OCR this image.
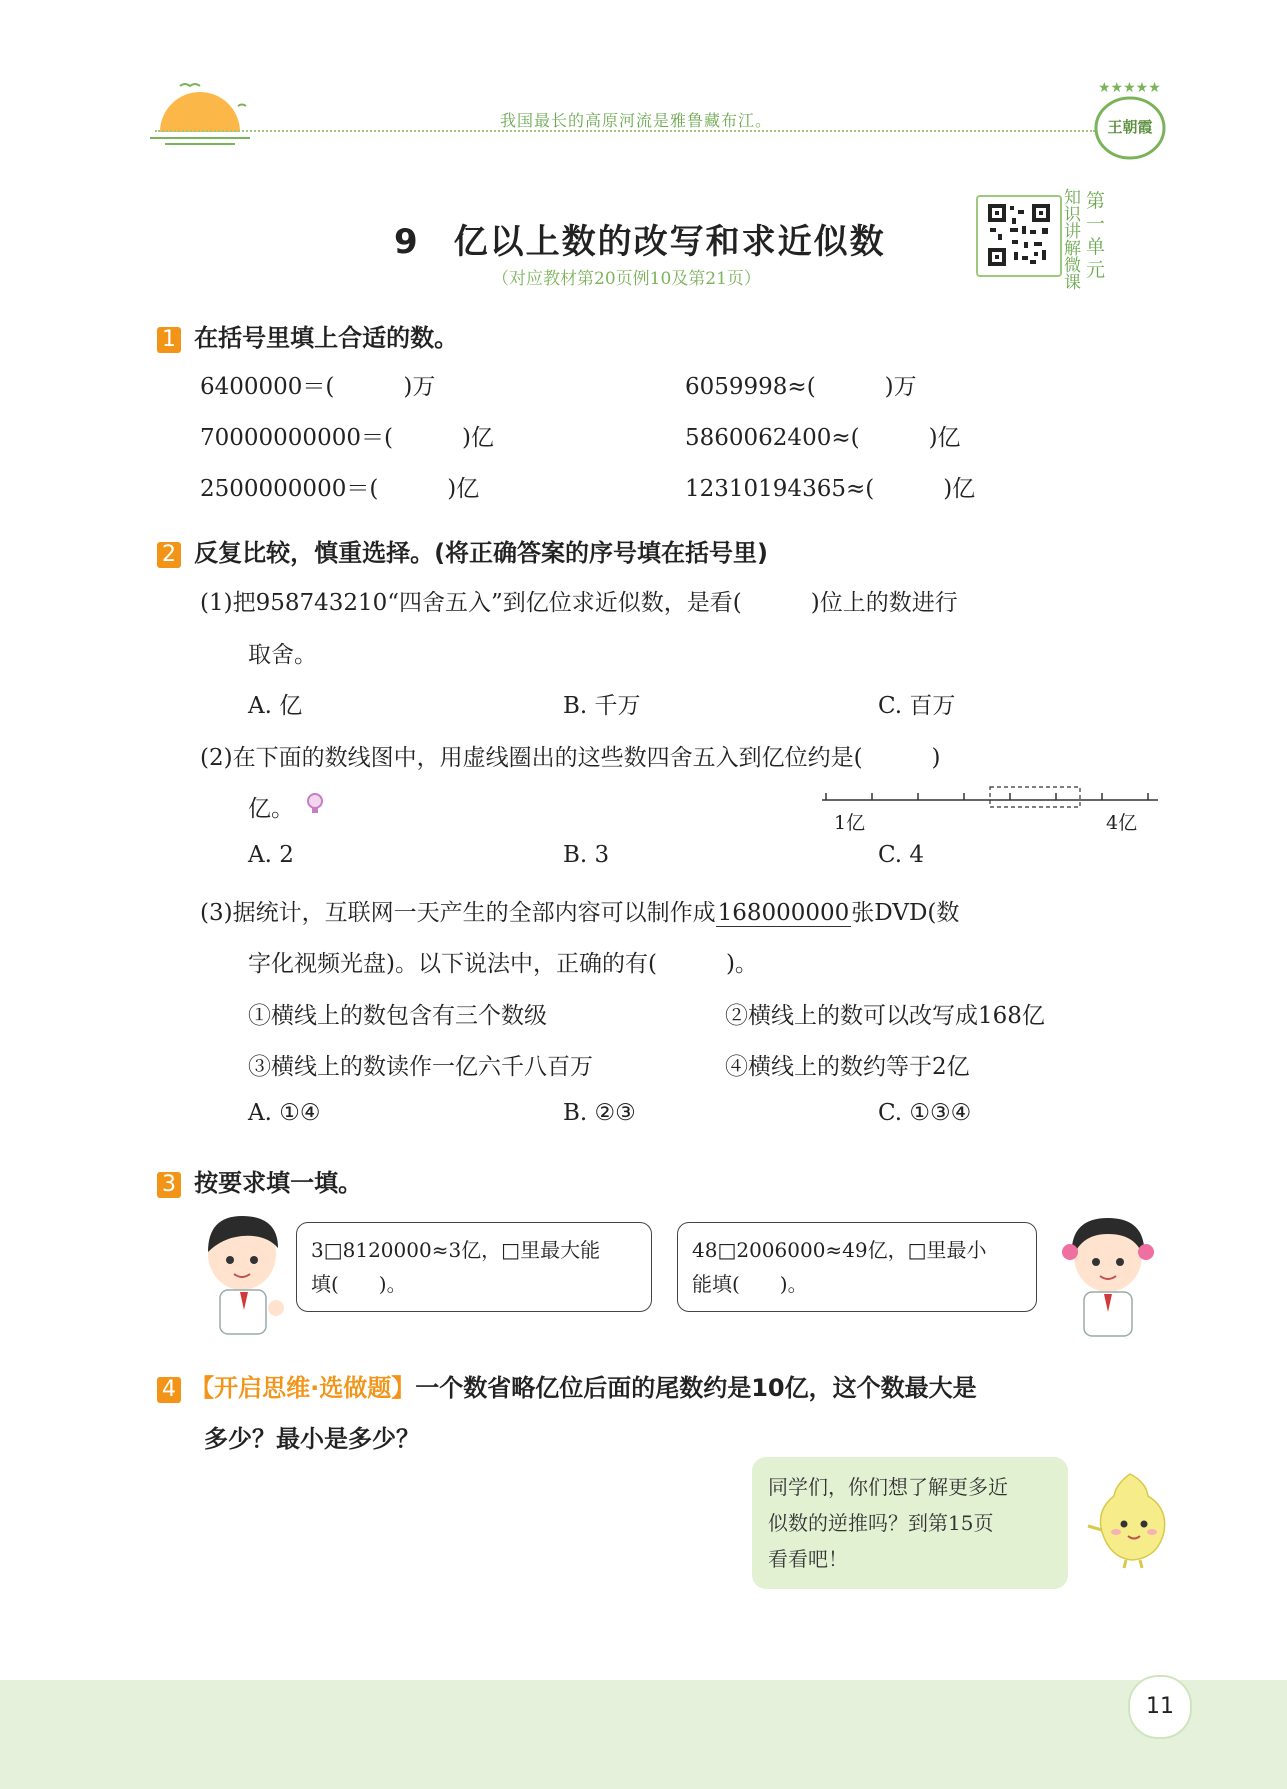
我国最长的高原河流是雅鲁藏布江。
★★★★★
王朝霞
9 亿以上数的改写和求近似数
（对应教材第20页例10及第21页）
知识讲解微课
第一单元
1 在括号里填上合适的数。
6400000＝(　　　)万	6059998≈(　　　)万
70000000000＝(　　　)亿	5860062400≈(　　　)亿
2500000000＝(　　　)亿	12310194365≈(　　　)亿
2 反复比较，慎重选择。(将正确答案的序号填在括号里)
(1)把958743210“四舍五入”到亿位求近似数，是看(　　　)位上的数进行
取舍。
A. 亿	B. 千万	C. 百万
(2)在下面的数线图中，用虚线圈出的这些数四舍五入到亿位约是(　　　)
亿。
1亿	4亿
A. 2	B. 3	C. 4
(3)据统计，互联网一天产生的全部内容可以制作成168000000张DVD(数
字化视频光盘)。以下说法中，正确的有(　　　)。
①横线上的数包含有三个数级	②横线上的数可以改写成168亿
③横线上的数读作一亿六千八百万	④横线上的数约等于2亿
A. ①④	B. ②③	C. ①③④
3 按要求填一填。
3□8120000≈3亿，□里最大能
填(　　)。
48□2006000≈49亿，□里最小
能填(　　)。
4 【开启思维·选做题】一个数省略亿位后面的尾数约是10亿，这个数最大是
多少？最小是多少？
同学们，你们想了解更多近
似数的逆推吗？到第15页
看看吧！
11
